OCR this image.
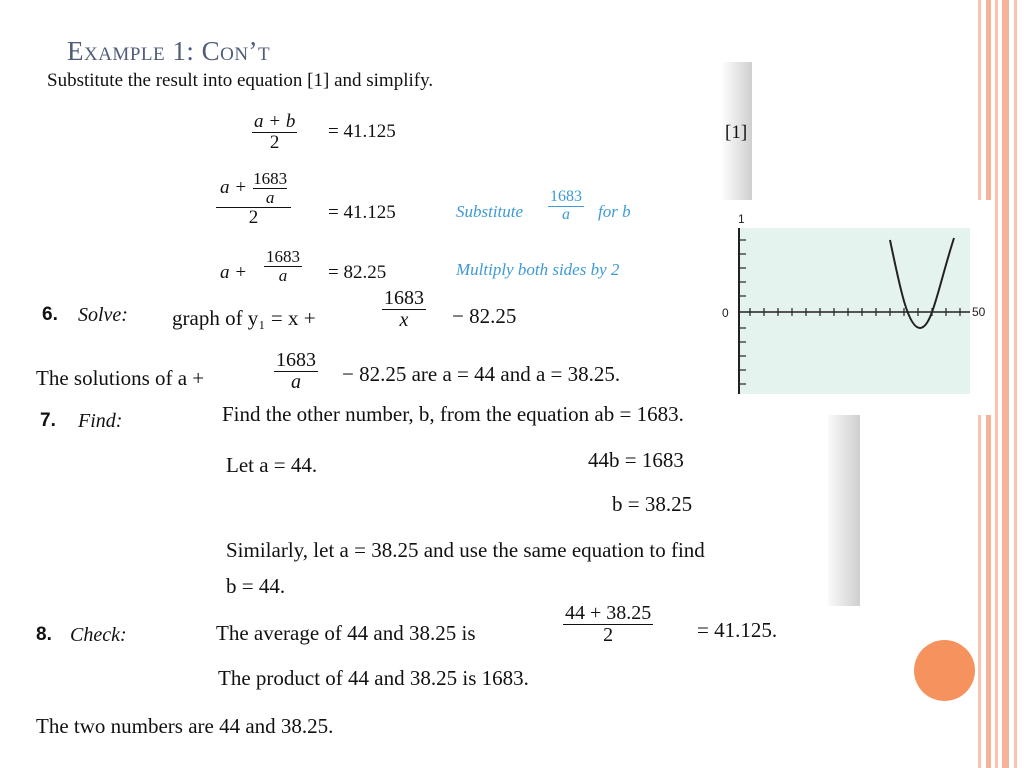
Example 1: Con’t
Substitute the result into equation [1] and simplify.
$\frac{a + b}{2} = 41.125$	[1]
$\frac{a + \frac{1683}{a}}{2} = 41.125$	Substitute $\frac{1683}{a}$ for b
$a + \frac{1683}{a} = 82.25$	Multiply both sides by 2
6. Solve: graph of y₁ = x +	$\frac{1683}{x} - 82.25$
The solutions of a +	$\frac{1683}{a} - 82.25$ are a = 44 and a = 38.25.
1
0	50
7. Find:	Find the other number, b, from the equation ab = 1683.
Let a = 44.	44b = 1683
b = 38.25
Similarly, let a = 38.25 and use the same equation to find
b = 44.
8. Check:	The average of 44 and 38.25 is	$\frac{44 + 38.25}{2} = 41.125$.
The product of 44 and 38.25 is 1683.
The two numbers are 44 and 38.25.
